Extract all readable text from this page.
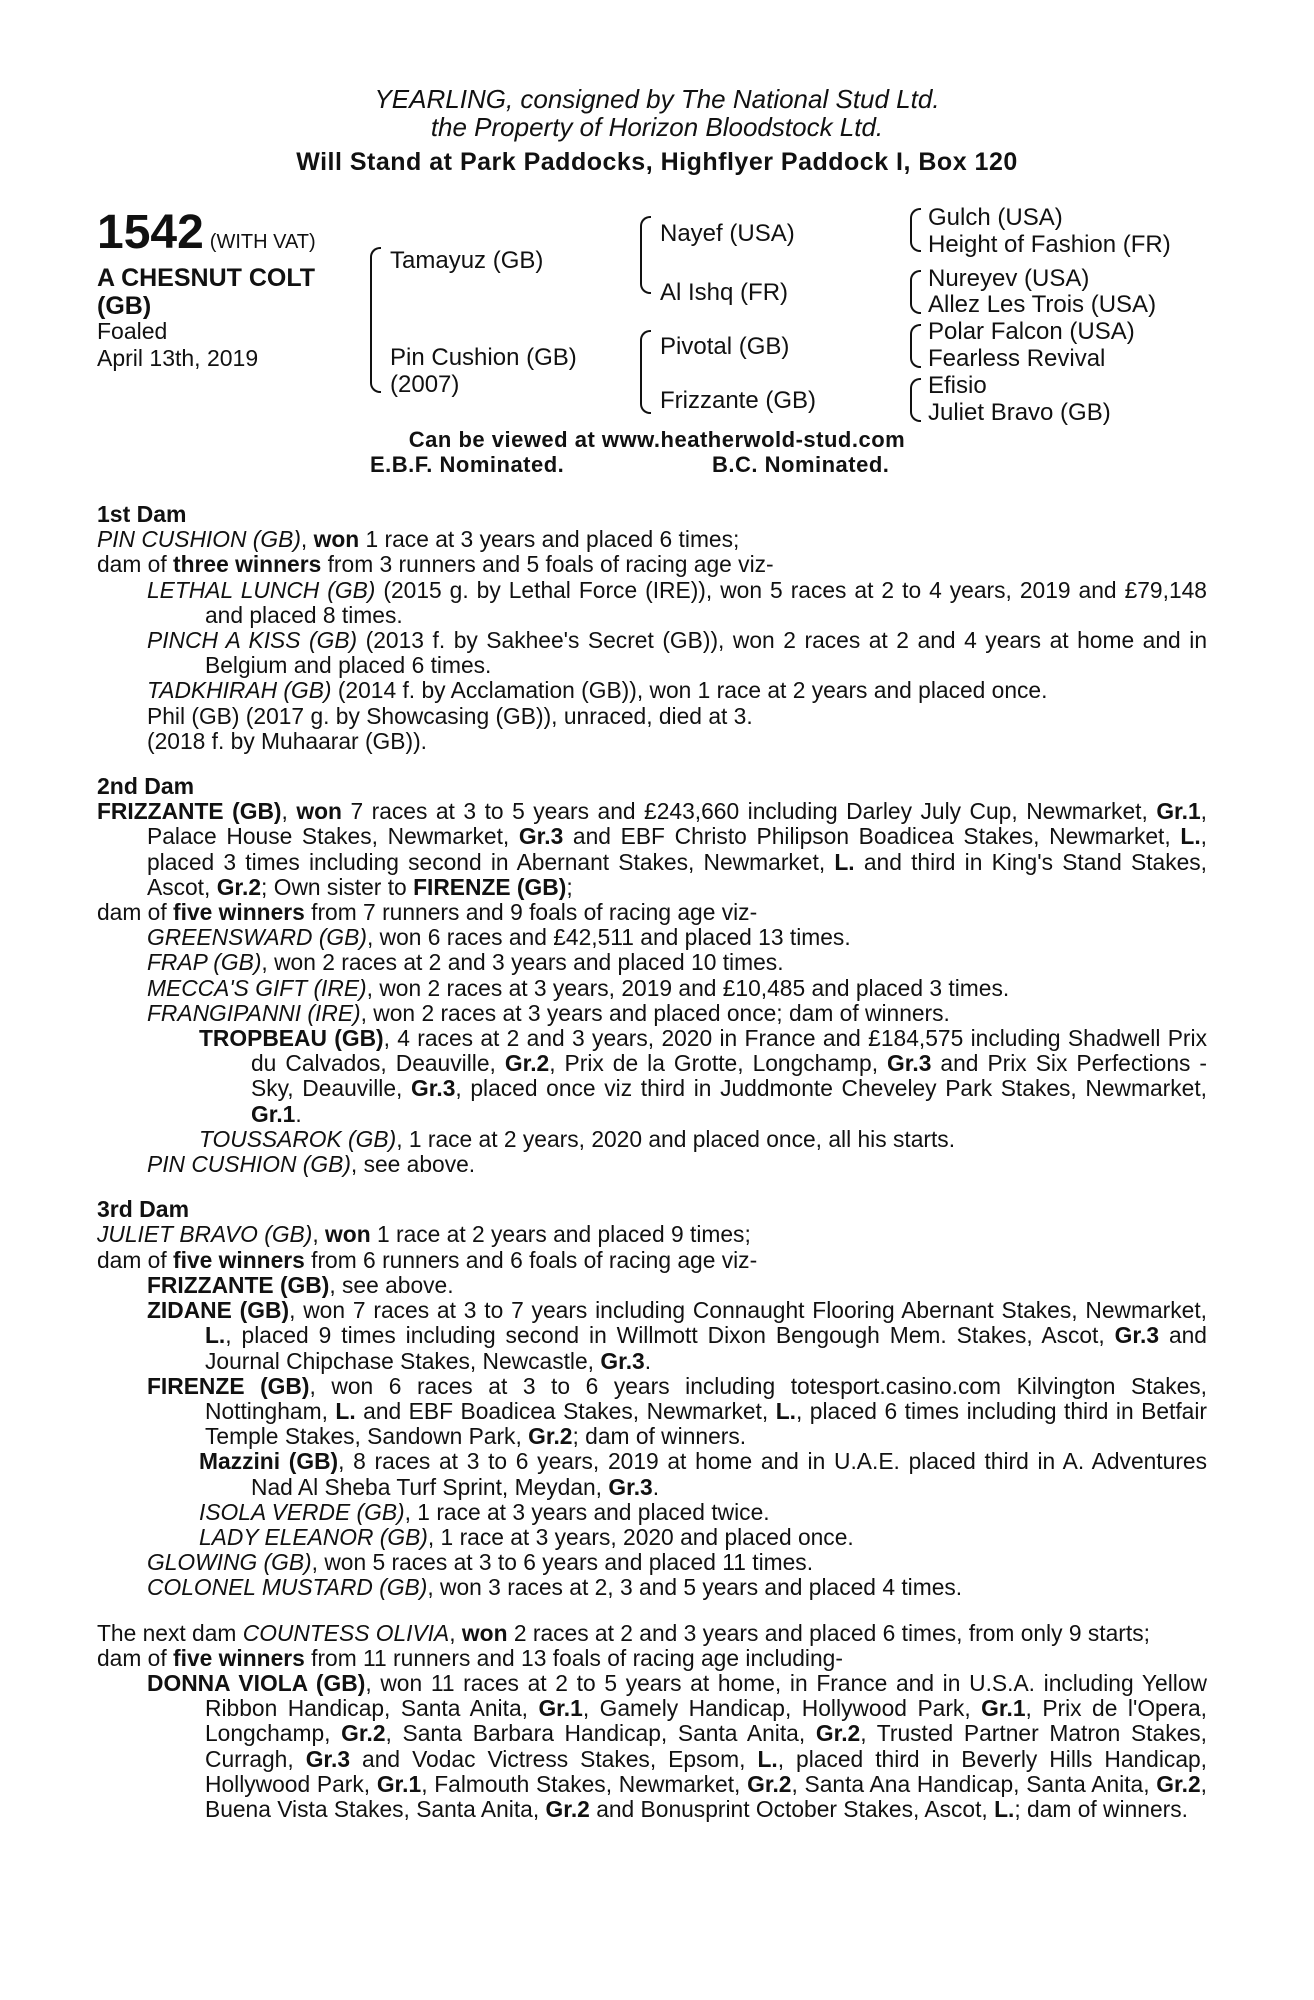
YEARLING, consigned by The National Stud Ltd.
the Property of Horizon Bloodstock Ltd.
Will Stand at Park Paddocks, Highflyer Paddock I, Box 120
1542 (WITH VAT)
A CHESNUT COLT
(GB)
Foaled
April 13th, 2019
Tamayuz (GB)
Pin Cushion (GB)
(2007)
Nayef (USA)
Al Ishq (FR)
Pivotal (GB)
Frizzante (GB)
Gulch (USA)
Height of Fashion (FR)
Nureyev (USA)
Allez Les Trois (USA)
Polar Falcon (USA)
Fearless Revival
Efisio
Juliet Bravo (GB)
Can be viewed at www.heatherwold-stud.com
E.B.F. Nominated.	B.C. Nominated.
1st Dam

PIN CUSHION (GB), won 1 race at 3 years and placed 6 times;

dam of three winners from 3 runners and 5 foals of racing age viz-

LETHAL LUNCH (GB) (2015 g. by Lethal Force (IRE)), won 5 races at 2 to 4 years, 2019 and £79,148 and placed 8 times.

PINCH A KISS (GB) (2013 f. by Sakhee's Secret (GB)), won 2 races at 2 and 4 years at home and in Belgium and placed 6 times.

TADKHIRAH (GB) (2014 f. by Acclamation (GB)), won 1 race at 2 years and placed once.

Phil (GB) (2017 g. by Showcasing (GB)), unraced, died at 3.

(2018 f. by Muhaarar (GB)).

2nd Dam

FRIZZANTE (GB), won 7 races at 3 to 5 years and £243,660 including Darley July Cup, Newmarket, Gr.1, Palace House Stakes, Newmarket, Gr.3 and EBF Christo Philipson Boadicea Stakes, Newmarket, L., placed 3 times including second in Abernant Stakes, Newmarket, L. and third in King's Stand Stakes, Ascot, Gr.2; Own sister to FIRENZE (GB);

dam of five winners from 7 runners and 9 foals of racing age viz-

GREENSWARD (GB), won 6 races and £42,511 and placed 13 times.

FRAP (GB), won 2 races at 2 and 3 years and placed 10 times.

MECCA'S GIFT (IRE), won 2 races at 3 years, 2019 and £10,485 and placed 3 times.

FRANGIPANNI (IRE), won 2 races at 3 years and placed once; dam of winners.

TROPBEAU (GB), 4 races at 2 and 3 years, 2020 in France and £184,575 including Shadwell Prix du Calvados, Deauville, Gr.2, Prix de la Grotte, Longchamp, Gr.3 and Prix Six Perfections -Sky, Deauville, Gr.3, placed once viz third in Juddmonte Cheveley Park Stakes, Newmarket, Gr.1.

TOUSSAROK (GB), 1 race at 2 years, 2020 and placed once, all his starts.

PIN CUSHION (GB), see above.

3rd Dam

JULIET BRAVO (GB), won 1 race at 2 years and placed 9 times;

dam of five winners from 6 runners and 6 foals of racing age viz-

FRIZZANTE (GB), see above.

ZIDANE (GB), won 7 races at 3 to 7 years including Connaught Flooring Abernant Stakes, Newmarket, L., placed 9 times including second in Willmott Dixon Bengough Mem. Stakes, Ascot, Gr.3 and Journal Chipchase Stakes, Newcastle, Gr.3.

FIRENZE (GB), won 6 races at 3 to 6 years including totesport.casino.com Kilvington Stakes, Nottingham, L. and EBF Boadicea Stakes, Newmarket, L., placed 6 times including third in Betfair Temple Stakes, Sandown Park, Gr.2; dam of winners.

Mazzini (GB), 8 races at 3 to 6 years, 2019 at home and in U.A.E. placed third in A. Adventures Nad Al Sheba Turf Sprint, Meydan, Gr.3.

ISOLA VERDE (GB), 1 race at 3 years and placed twice.

LADY ELEANOR (GB), 1 race at 3 years, 2020 and placed once.

GLOWING (GB), won 5 races at 3 to 6 years and placed 11 times.

COLONEL MUSTARD (GB), won 3 races at 2, 3 and 5 years and placed 4 times.

The next dam COUNTESS OLIVIA, won 2 races at 2 and 3 years and placed 6 times, from only 9 starts;

dam of five winners from 11 runners and 13 foals of racing age including-

DONNA VIOLA (GB), won 11 races at 2 to 5 years at home, in France and in U.S.A. including Yellow Ribbon Handicap, Santa Anita, Gr.1, Gamely Handicap, Hollywood Park, Gr.1, Prix de l'Opera, Longchamp, Gr.2, Santa Barbara Handicap, Santa Anita, Gr.2, Trusted Partner Matron Stakes, Curragh, Gr.3 and Vodac Victress Stakes, Epsom, L., placed third in Beverly Hills Handicap, Hollywood Park, Gr.1, Falmouth Stakes, Newmarket, Gr.2, Santa Ana Handicap, Santa Anita, Gr.2, Buena Vista Stakes, Santa Anita, Gr.2 and Bonusprint October Stakes, Ascot, L.; dam of winners.
